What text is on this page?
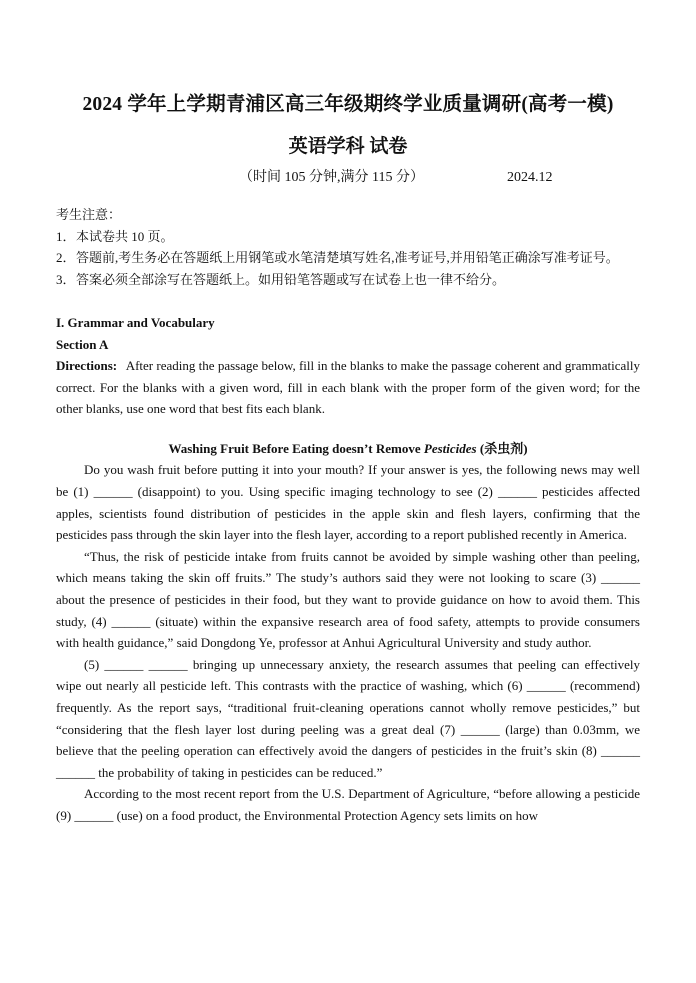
2024 学年上学期青浦区高三年级期终学业质量调研(高考一模)
英语学科 试卷
（时间 105 分钟,满分 115 分）	2024.12

考生注意：

1．本试卷共 10 页。

2．答题前,考生务必在答题纸上用钢笔或水笔清楚填写姓名,准考证号,并用铅笔正确涂写准考证号。

3．答案必须全部涂写在答题纸上。如用铅笔答题或写在试卷上也一律不给分。

I. Grammar and Vocabulary

Section A

Directions: After reading the passage below, fill in the blanks to make the passage coherent and grammatically correct. For the blanks with a given word, fill in each blank with the proper form of the given word; for the other blanks, use one word that best fits each blank.

Washing Fruit Before Eating doesn’t Remove Pesticides (杀虫剂)

Do you wash fruit before putting it into your mouth? If your answer is yes, the following news may well be (1) ______ (disappoint) to you. Using specific imaging technology to see (2) ______ pesticides affected apples, scientists found distribution of pesticides in the apple skin and flesh layers, confirming that the pesticides pass through the skin layer into the flesh layer, according to a report published recently in America.

“Thus, the risk of pesticide intake from fruits cannot be avoided by simple washing other than peeling, which means taking the skin off fruits.” The study’s authors said they were not looking to scare (3) ______ about the presence of pesticides in their food, but they want to provide guidance on how to avoid them. This study, (4) ______ (situate) within the expansive research area of food safety, attempts to provide consumers with health guidance,” said Dongdong Ye, professor at Anhui Agricultural University and study author.

(5) ______ ______ bringing up unnecessary anxiety, the research assumes that peeling can effectively wipe out nearly all pesticide left. This contrasts with the practice of washing, which (6) ______ (recommend) frequently. As the report says, “traditional fruit-cleaning operations cannot wholly remove pesticides,” but “considering that the flesh layer lost during peeling was a great deal (7) ______ (large) than 0.03mm, we believe that the peeling operation can effectively avoid the dangers of pesticides in the fruit’s skin (8) ______ ______ the probability of taking in pesticides can be reduced.”

According to the most recent report from the U.S. Department of Agriculture, “before allowing a pesticide (9) ______ (use) on a food product, the Environmental Protection Agency sets limits on how
